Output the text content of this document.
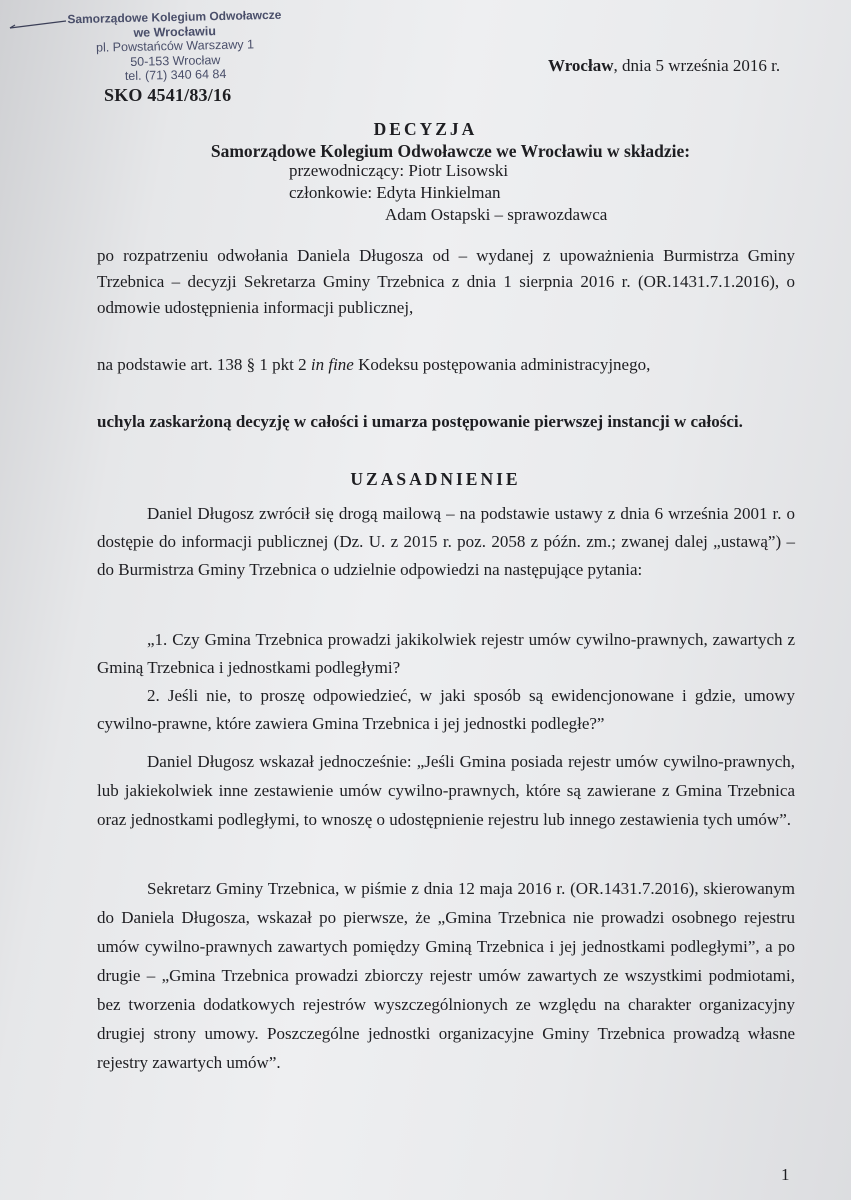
Samorządowe Kolegium Odwoławcze
we Wrocławiu
pl. Powstańców Warszawy 1
50-153 Wrocław
tel. (71) 340 64 84
SKO 4541/83/16
Wrocław, dnia 5 września 2016 r.
DECYZJA
Samorządowe Kolegium Odwoławcze we Wrocławiu w składzie:
przewodniczący: Piotr Lisowski
członkowie: Edyta Hinkielman
Adam Ostapski – sprawozdawca
po rozpatrzeniu odwołania Daniela Długosza od – wydanej z upoważnienia Burmistrza Gminy Trzebnica – decyzji Sekretarza Gminy Trzebnica z dnia 1 sierpnia 2016 r. (OR.1431.7.1.2016), o odmowie udostępnienia informacji publicznej,
na podstawie art. 138 § 1 pkt 2 in fine Kodeksu postępowania administracyjnego,
uchyla zaskarżoną decyzję w całości i umarza postępowanie pierwszej instancji w całości.
UZASADNIENIE
Daniel Długosz zwrócił się drogą mailową – na podstawie ustawy z dnia 6 września 2001 r. o dostępie do informacji publicznej (Dz. U. z 2015 r. poz. 2058 z późn. zm.; zwanej dalej „ustawą”) – do Burmistrza Gminy Trzebnica o udzielnie odpowiedzi na następujące pytania:
„1. Czy Gmina Trzebnica prowadzi jakikolwiek rejestr umów cywilno-prawnych, zawartych z Gminą Trzebnica i jednostkami podległymi?
2. Jeśli nie, to proszę odpowiedzieć, w jaki sposób są ewidencjonowane i gdzie, umowy cywilno-prawne, które zawiera Gmina Trzebnica i jej jednostki podległe?”
Daniel Długosz wskazał jednocześnie: „Jeśli Gmina posiada rejestr umów cywilno-prawnych, lub jakiekolwiek inne zestawienie umów cywilno-prawnych, które są zawierane z Gmina Trzebnica oraz jednostkami podległymi, to wnoszę o udostępnienie rejestru lub innego zestawienia tych umów”.
Sekretarz Gminy Trzebnica, w piśmie z dnia 12 maja 2016 r. (OR.1431.7.2016), skierowanym do Daniela Długosza, wskazał po pierwsze, że „Gmina Trzebnica nie prowadzi osobnego rejestru umów cywilno-prawnych zawartych pomiędzy Gminą Trzebnica i jej jednostkami podległymi”, a po drugie – „Gmina Trzebnica prowadzi zbiorczy rejestr umów zawartych ze wszystkimi podmiotami, bez tworzenia dodatkowych rejestrów wyszczególnionych ze względu na charakter organizacyjny drugiej strony umowy. Poszczególne jednostki organizacyjne Gminy Trzebnica prowadzą własne rejestry zawartych umów”.
1
